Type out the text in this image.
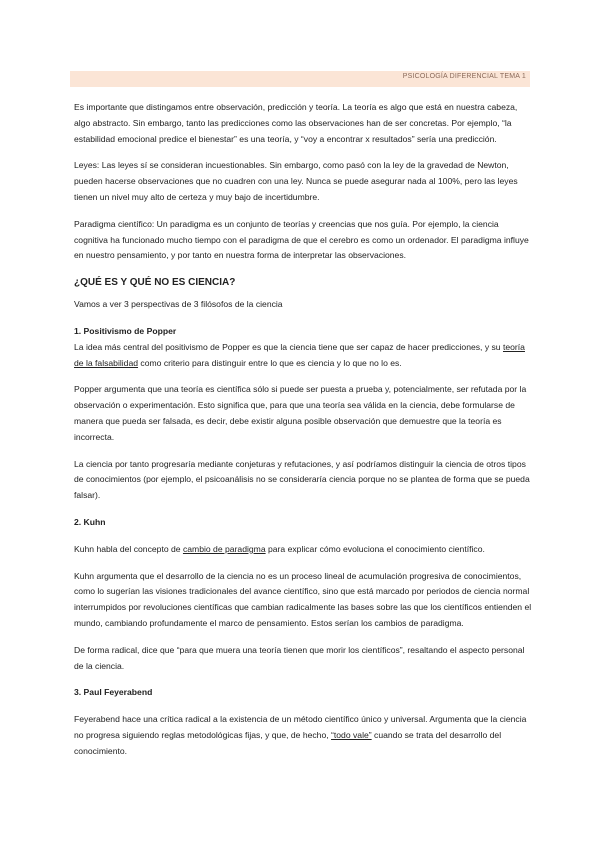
PSICOLOGÍA DIFERENCIAL TEMA 1

Es importante que distingamos entre observación, predicción y teoría. La teoría es algo que está en nuestra cabeza, algo abstracto. Sin embargo, tanto las predicciones como las observaciones han de ser concretas. Por ejemplo, “la estabilidad emocional predice el bienestar” es una teoría, y “voy a encontrar x resultados” sería una predicción.

Leyes: Las leyes sí se consideran incuestionables. Sin embargo, como pasó con la ley de la gravedad de Newton, pueden hacerse observaciones que no cuadren con una ley. Nunca se puede asegurar nada al 100%, pero las leyes tienen un nivel muy alto de certeza y muy bajo de incertidumbre.

Paradigma científico: Un paradigma es un conjunto de teorías y creencias que nos guía. Por ejemplo, la ciencia cognitiva ha funcionado mucho tiempo con el paradigma de que el cerebro es como un ordenador. El paradigma influye en nuestro pensamiento, y por tanto en nuestra forma de interpretar las observaciones.

¿QUÉ ES Y QUÉ NO ES CIENCIA?

Vamos a ver 3 perspectivas de 3 filósofos de la ciencia

1. Positivismo de Popper

La idea más central del positivismo de Popper es que la ciencia tiene que ser capaz de hacer predicciones, y su teoría de la falsabilidad como criterio para distinguir entre lo que es ciencia y lo que no lo es.

Popper argumenta que una teoría es científica sólo si puede ser puesta a prueba y, potencialmente, ser refutada por la observación o experimentación. Esto significa que, para que una teoría sea válida en la ciencia, debe formularse de manera que pueda ser falsada, es decir, debe existir alguna posible observación que demuestre que la teoría es incorrecta.

La ciencia por tanto progresaría mediante conjeturas y refutaciones, y así podríamos distinguir la ciencia de otros tipos de conocimientos (por ejemplo, el psicoanálisis no se consideraría ciencia porque no se plantea de forma que se pueda falsar).

2. Kuhn

Kuhn habla del concepto de cambio de paradigma para explicar cómo evoluciona el conocimiento científico.

Kuhn argumenta que el desarrollo de la ciencia no es un proceso lineal de acumulación progresiva de conocimientos, como lo sugerían las visiones tradicionales del avance científico, sino que está marcado por periodos de ciencia normal interrumpidos por revoluciones científicas que cambian radicalmente las bases sobre las que los científicos entienden el mundo, cambiando profundamente el marco de pensamiento. Estos serían los cambios de paradigma.

De forma radical, dice que “para que muera una teoría tienen que morir los científicos”, resaltando el aspecto personal de la ciencia.

3. Paul Feyerabend

Feyerabend hace una crítica radical a la existencia de un método científico único y universal. Argumenta que la ciencia no progresa siguiendo reglas metodológicas fijas, y que, de hecho, “todo vale” cuando se trata del desarrollo del conocimiento.
